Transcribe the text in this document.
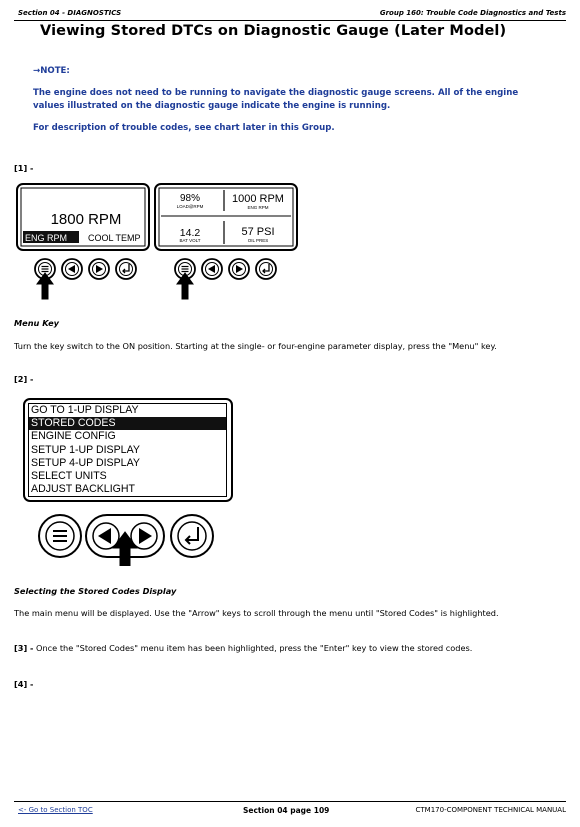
Section 04 - DIAGNOSTICS	Group 160: Trouble Code Diagnostics and Tests
Viewing Stored DTCs on Diagnostic Gauge (Later Model)
→NOTE:
The engine does not need to be running to navigate the diagnostic gauge screens. All of the engine values illustrated on the diagnostic gauge indicate the engine is running.
For description of trouble codes, see chart later in this Group.
[1] -
1800 RPM
ENG RPM COOL TEMP
98%
LOAD@RPM
1000 RPM
ENG RPM
14.2
BAT VOLT
57 PSI
OIL PRES
Menu Key
Turn the key switch to the ON position. Starting at the single- or four-engine parameter display, press the "Menu" key.
[2] -
GO TO 1-UP DISPLAY
STORED CODES
ENGINE CONFIG
SETUP 1-UP DISPLAY
SETUP 4-UP DISPLAY
SELECT UNITS
ADJUST BACKLIGHT
Selecting the Stored Codes Display
The main menu will be displayed. Use the "Arrow" keys to scroll through the menu until "Stored Codes" is highlighted.
[3] - Once the "Stored Codes" menu item has been highlighted, press the "Enter" key to view the stored codes.
[4] -
<- Go to Section TOC	Section 04 page 109	CTM170-COMPONENT TECHNICAL MANUAL
